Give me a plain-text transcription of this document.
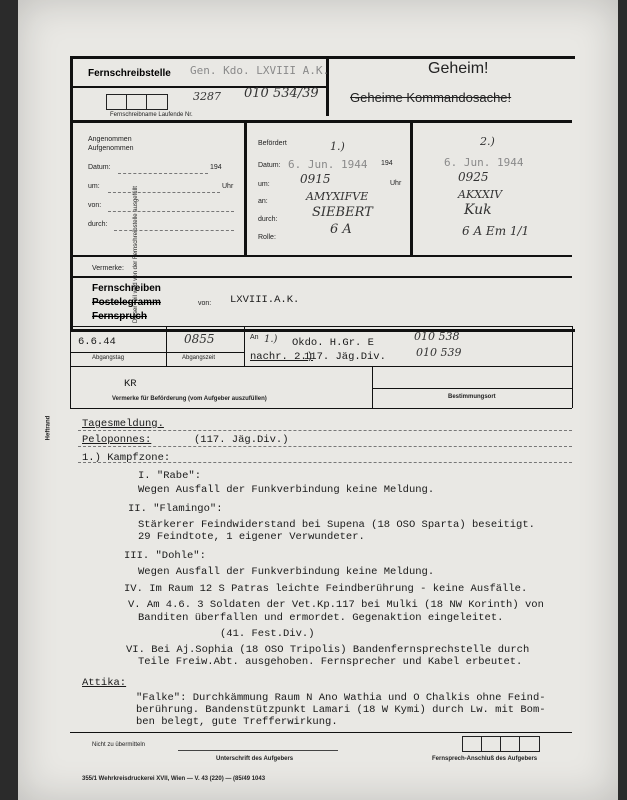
Heftrand
Fernschreibstelle Gen. Kdo. LXVIII A.K.	Geheim!
Geheime Kommandosache!
3287 010 534/39
Fernschreibname Laufende Nr.
Angenommen
Aufgenommen
Datum:	194
um:	Uhr
von:
durch:
Befördert	1.)
Datum: 6. Jun. 1944 194
um:	0915	Uhr
an:	AMYXIFVE
durch:	SIEBERT
Rolle:
6 A
2.)
6. Jun. 1944
0925
AKXXIV
Kuk
6 A Em 1/1
Vermerke:
Fernschreiben
Postelegramm	von: LXVIII.A.K.
Fernspruch
6.6.44	0855
Abgangstag	Abgangszeit
An 1.) Okdo. H.Gr. E	010 538
nachr. 2.)
117. Jäg.Div.	010 539
Bestimmungsort
KR
Vermerke für Beförderung (vom Aufgeber auszufüllen)
Tagesmeldung.
Peloponnes:	(117. Jäg.Div.)
1.) Kampfzone:
I. "Rabe":
Wegen Ausfall der Funkverbindung keine Meldung.
II. "Flamingo":
Stärkerer Feindwiderstand bei Supena (18 OSO Sparta) beseitigt.
29 Feindtote, 1 eigener Verwundeter.
III. "Dohle":
Wegen Ausfall der Funkverbindung keine Meldung.
IV. Im Raum 12 S Patras leichte Feindberührung - keine Ausfälle.
V. Am 4.6. 3 Soldaten der Vet.Kp.117 bei Mulki (18 NW Korinth) von
Banditen überfallen und ermordet. Gegenaktion eingeleitet.
(41. Fest.Div.)
VI. Bei Aj.Sophia (18 OSO Tripolis) Bandenfernsprechstelle durch
Teile Freiw.Abt. ausgehoben. Fernsprecher und Kabel erbeutet.
Attika:
"Falke": Durchkämmung Raum N Ano Wathia und O Chalkis ohne Feind-
berührung. Bandenstützpunkt Lamari (18 W Kymi) durch Lw. mit Bom-
ben belegt, gute Trefferwirkung.
Nicht zu übermitteln
Unterschrift des Aufgebers	Fernsprech-Anschluß des Aufgebers
355/1 Wehrkreisdruckerei XVII, Wien — V. 43 (220) — (85/49 1043
